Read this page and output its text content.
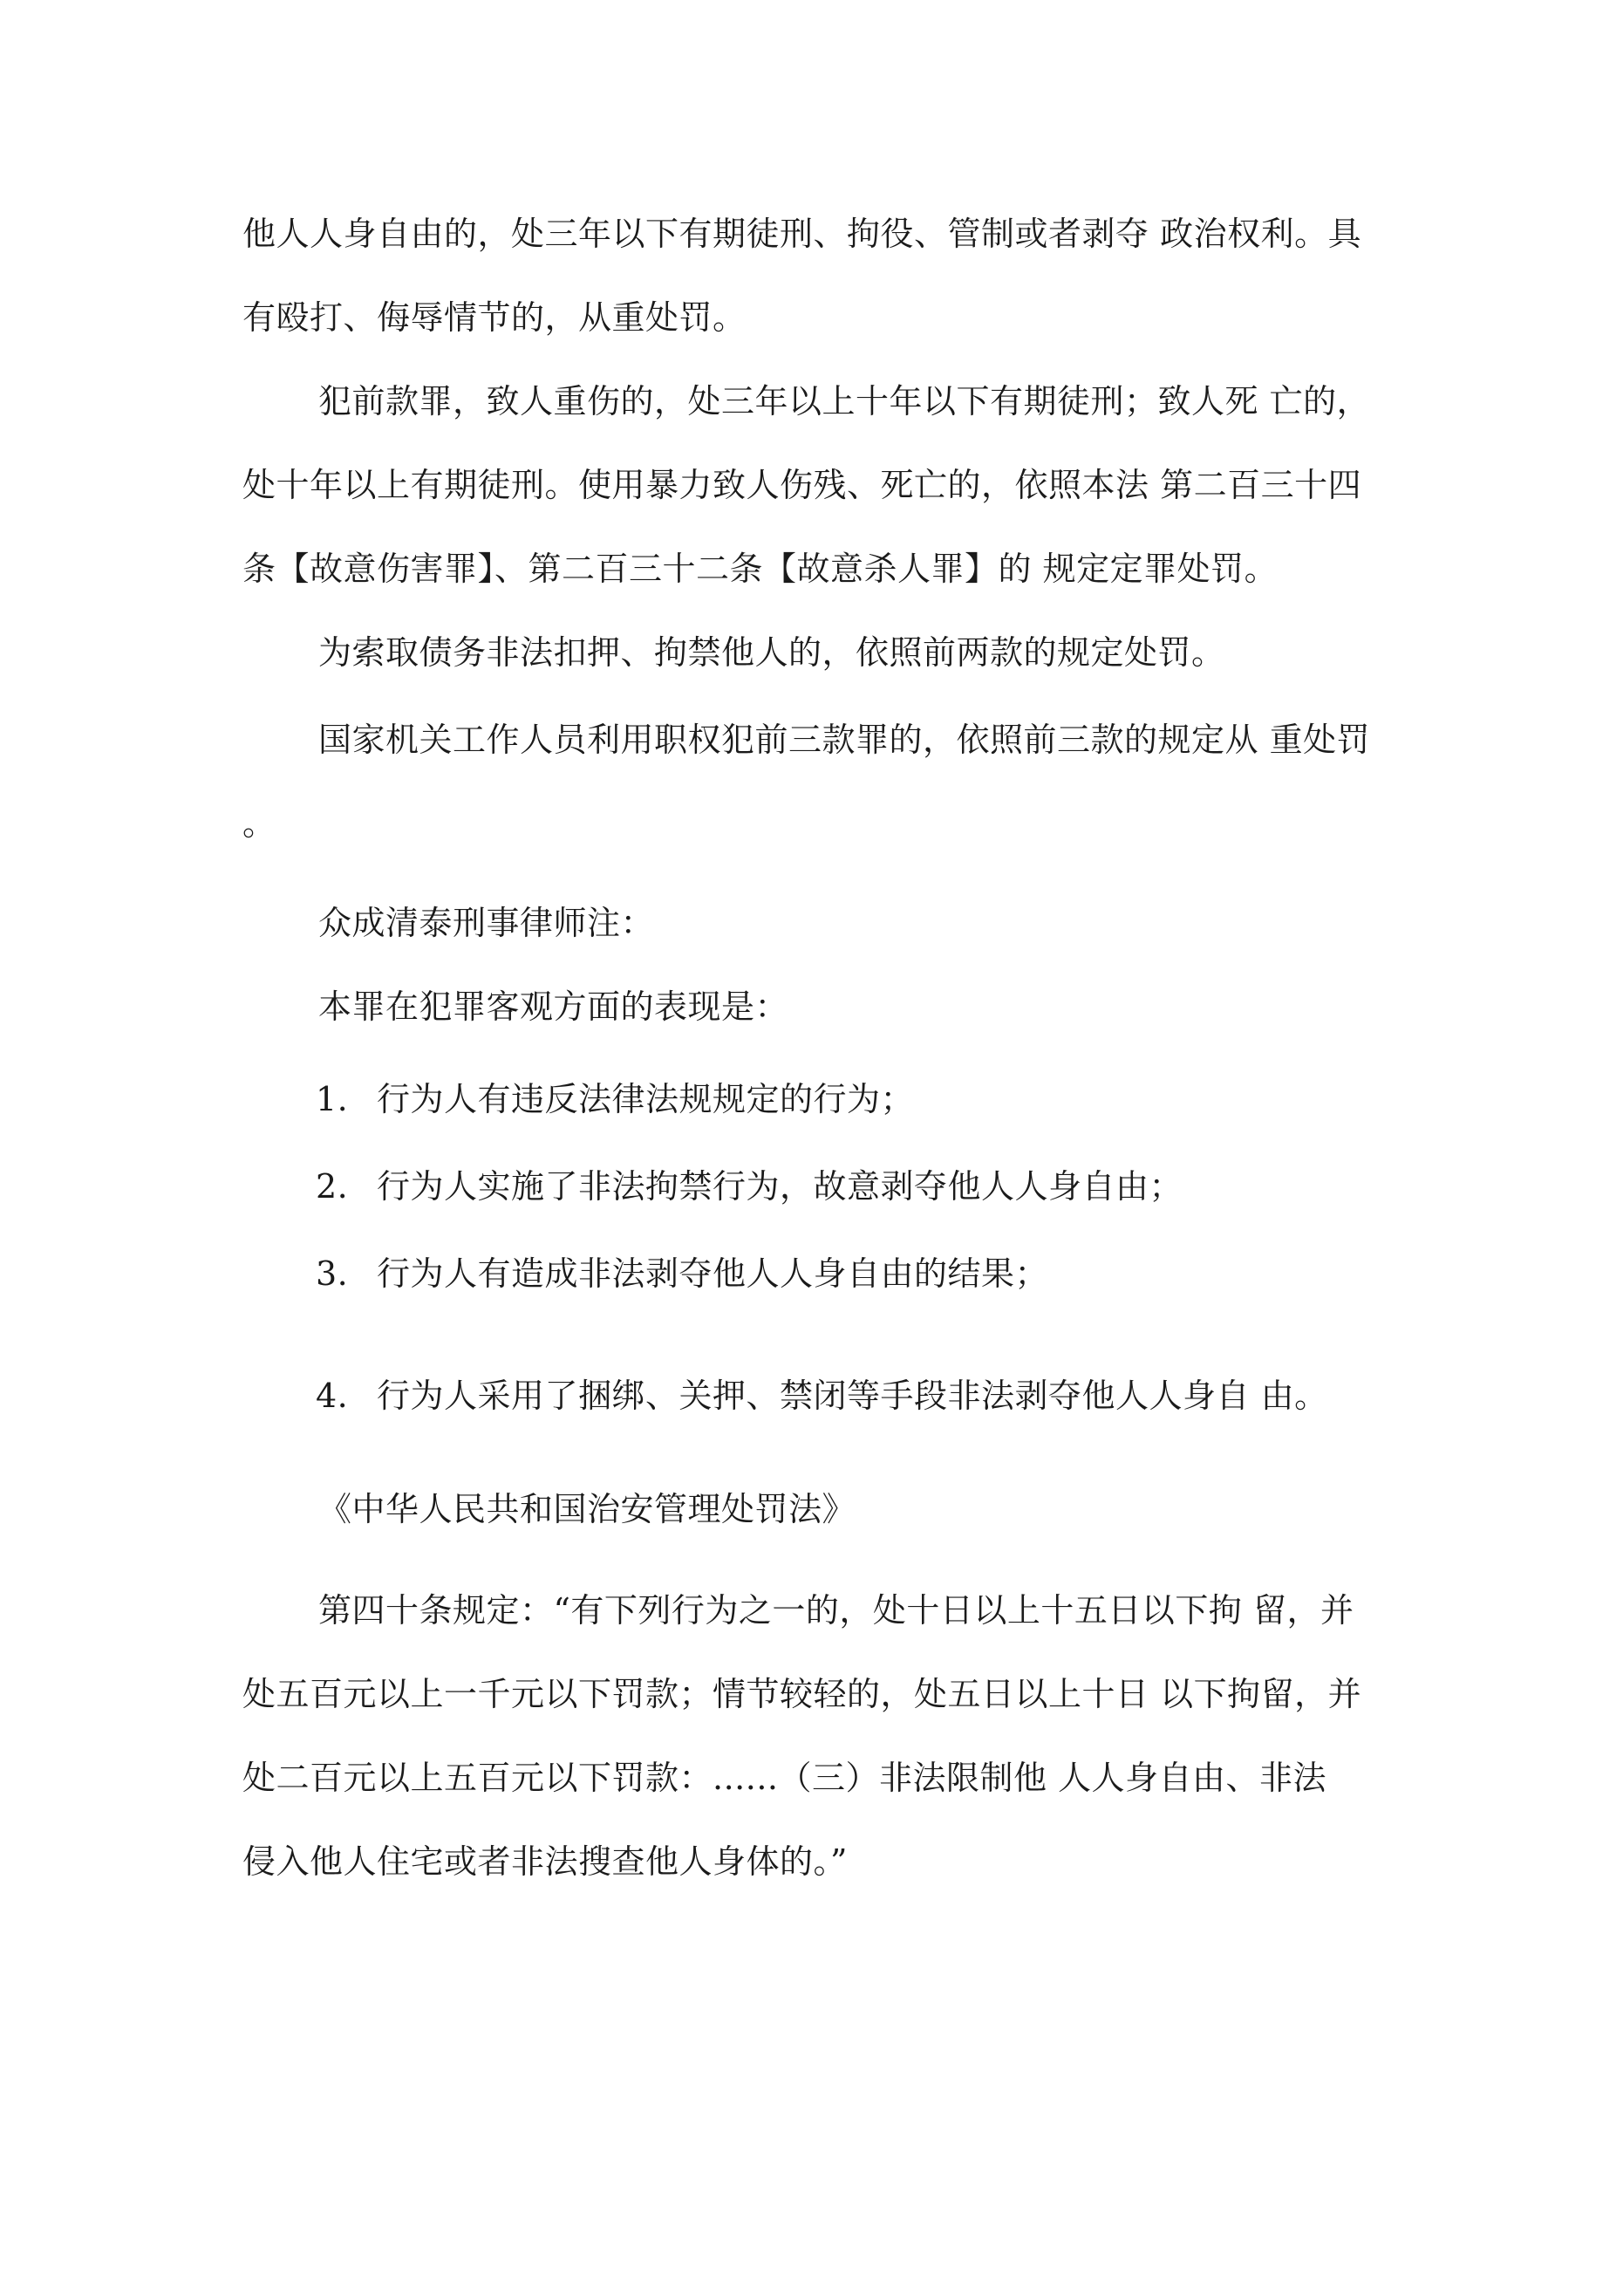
他人人身自由的，处三年以下有期徒刑、拘役、管制或者剥夺 政治权利。具
有殴打、侮辱情节的，从重处罚。
犯前款罪，致人重伤的，处三年以上十年以下有期徒刑；致人死 亡的，
处十年以上有期徒刑。使用暴力致人伤残、死亡的，依照本法 第二百三十四
条【故意伤害罪】、第二百三十二条【故意杀人罪】的 规定定罪处罚。
为索取债务非法扣押、拘禁他人的，依照前两款的规定处罚。
国家机关工作人员利用职权犯前三款罪的，依照前三款的规定从 重处罚
。
众成清泰刑事律师注：
本罪在犯罪客观方面的表现是：
1. 行为人有违反法律法规规定的行为；
2. 行为人实施了非法拘禁行为，故意剥夺他人人身自由；
3. 行为人有造成非法剥夺他人人身自由的结果；
4. 行为人采用了捆绑、关押、禁闭等手段非法剥夺他人人身自 由。
《中华人民共和国治安管理处罚法》
第四十条规定：“有下列行为之一的，处十日以上十五日以下拘 留，并
处五百元以上一千元以下罚款；情节较轻的，处五日以上十日 以下拘留，并
处二百元以上五百元以下罚款：......（三）非法限制他 人人身自由、非法
侵入他人住宅或者非法搜查他人身体的。”
